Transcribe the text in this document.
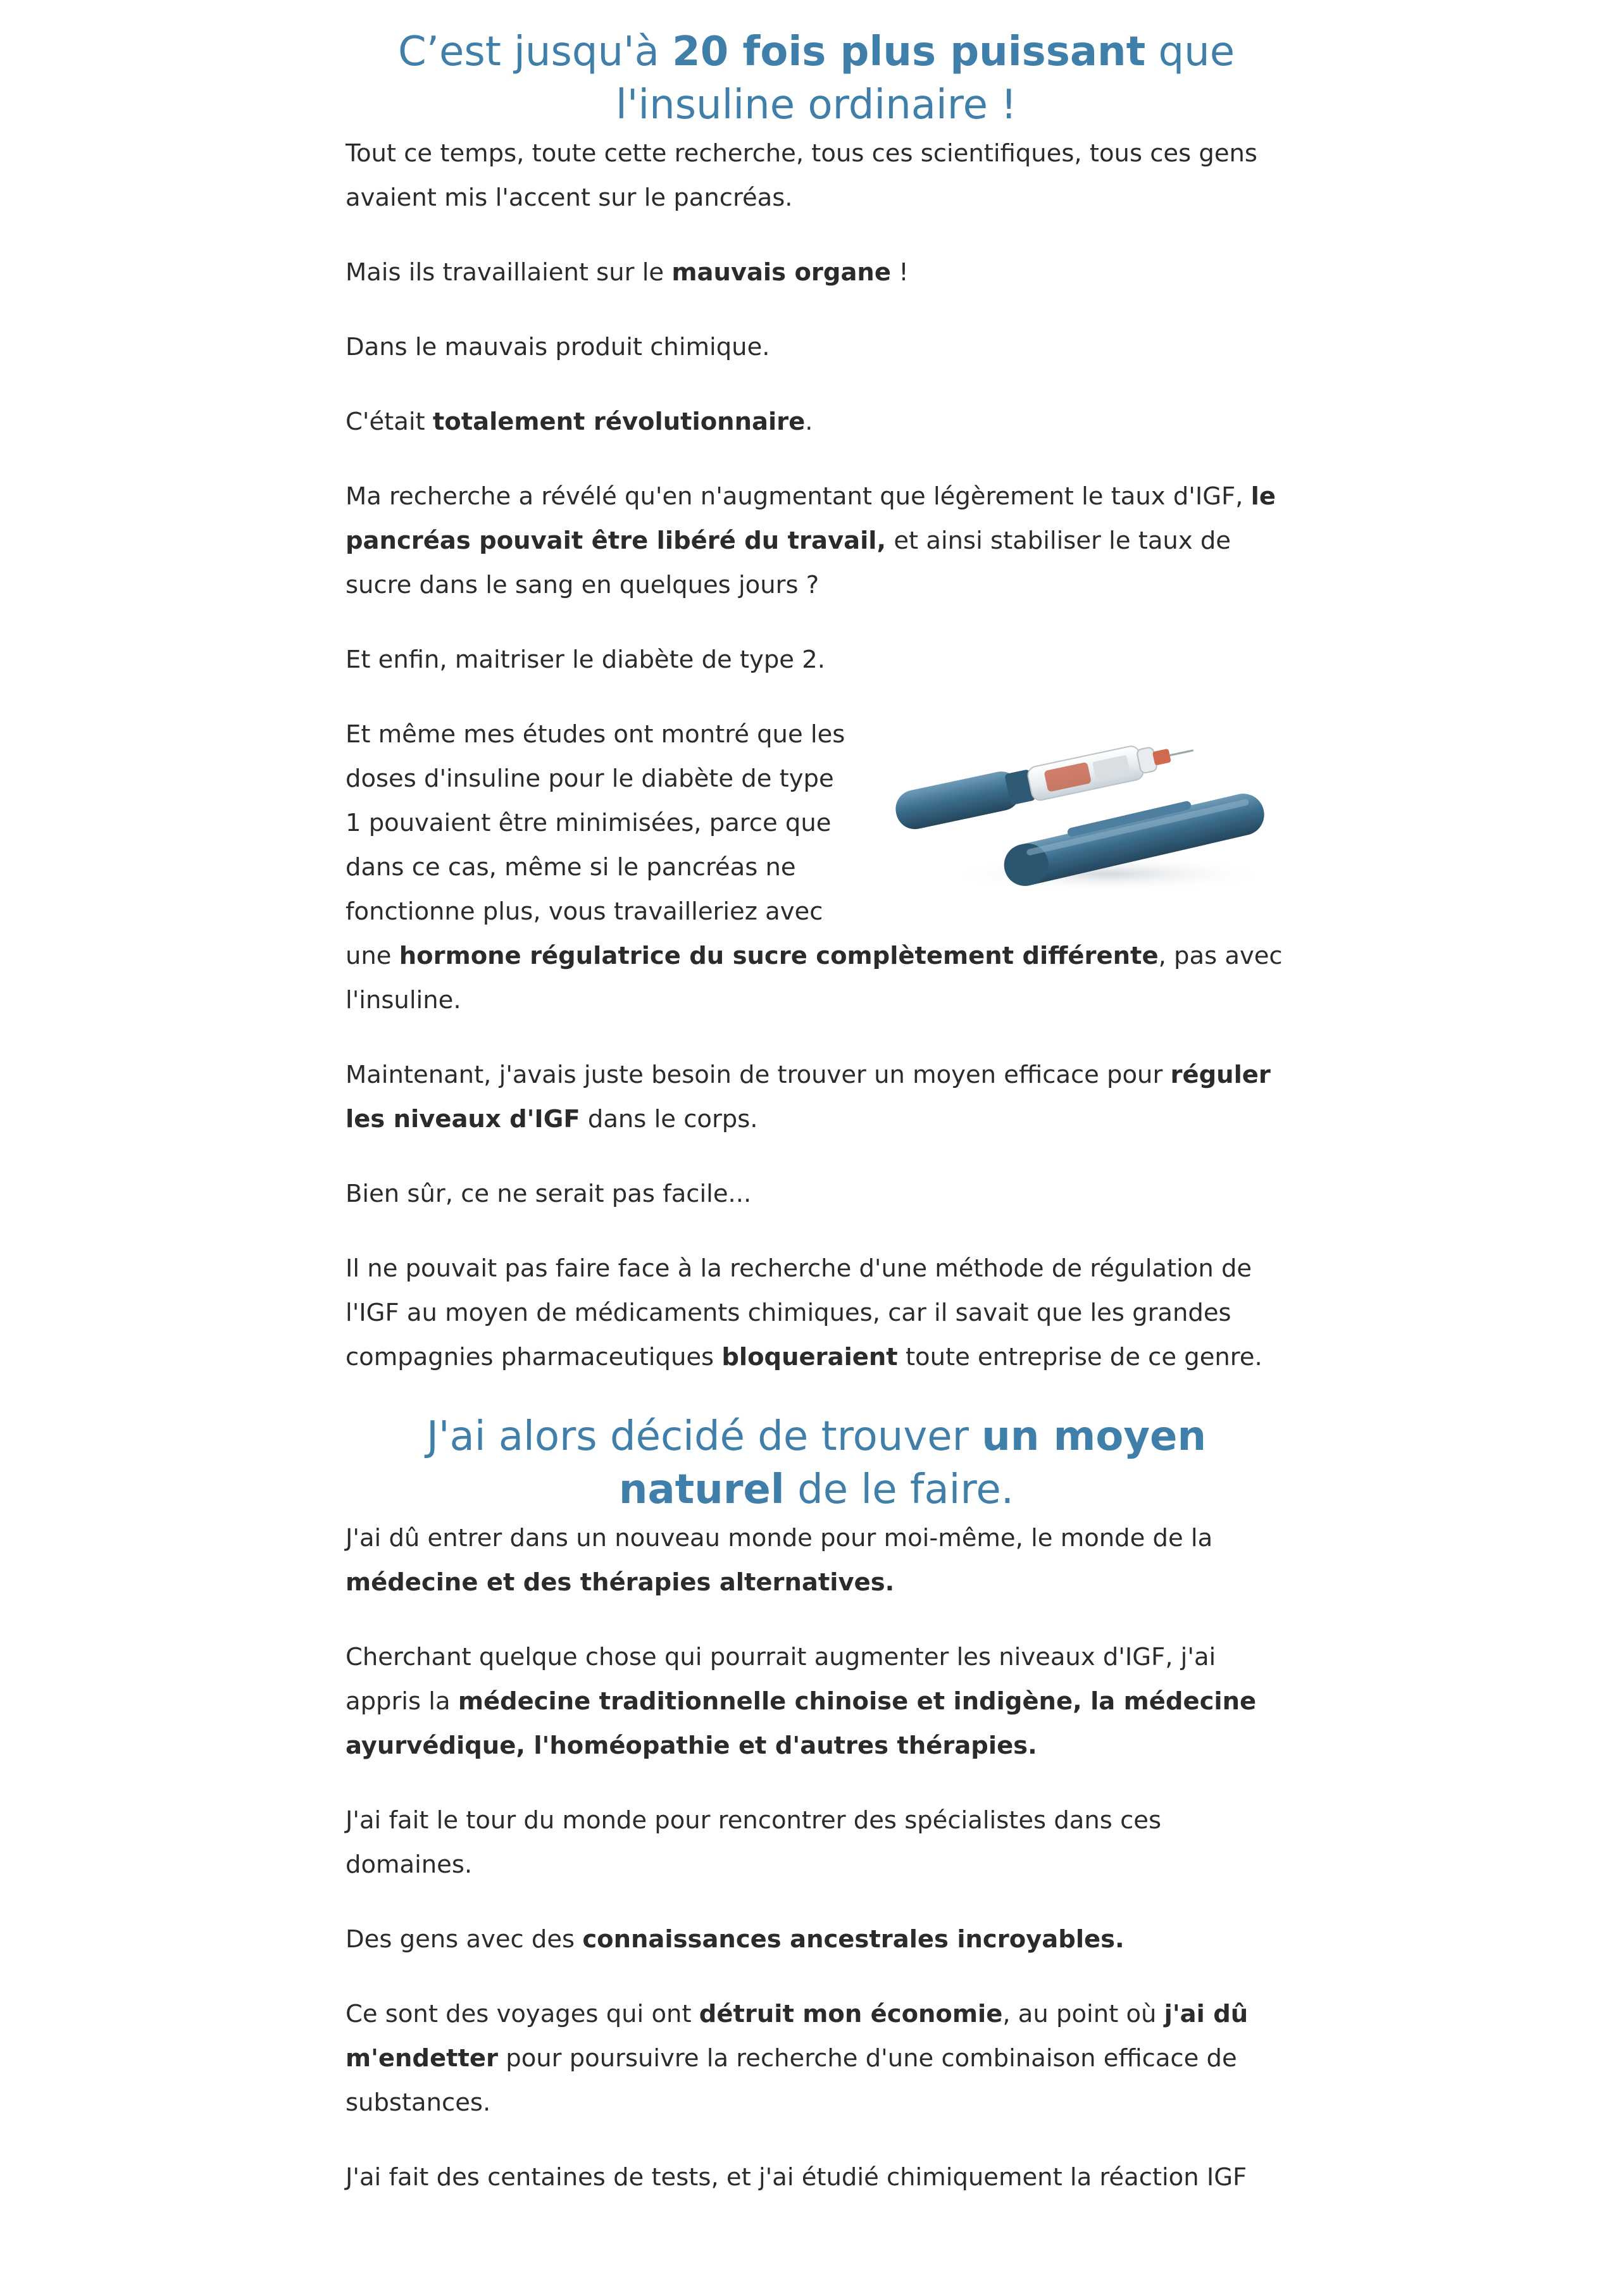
C’est jusqu'à 20 fois plus puissant que
l'insuline ordinaire !

Tout ce temps, toute cette recherche, tous ces scientifiques, tous ces gens avaient mis l'accent sur le pancréas.

Mais ils travaillaient sur le mauvais organe !

Dans le mauvais produit chimique.

C'était totalement révolutionnaire.

Ma recherche a révélé qu'en n'augmentant que légèrement le taux d'IGF, le pancréas pouvait être libéré du travail, et ainsi stabiliser le taux de sucre dans le sang en quelques jours ?

Et enfin, maitriser le diabète de type 2.

Et même mes études ont montré que les doses d'insuline pour le diabète de type 1 pouvaient être minimisées, parce que dans ce cas, même si le pancréas ne fonctionne plus, vous travailleriez avec une hormone régulatrice du sucre complètement différente, pas avec l'insuline.

Maintenant, j'avais juste besoin de trouver un moyen efficace pour réguler les niveaux d'IGF dans le corps.

Bien sûr, ce ne serait pas facile...

Il ne pouvait pas faire face à la recherche d'une méthode de régulation de l'IGF au moyen de médicaments chimiques, car il savait que les grandes compagnies pharmaceutiques bloqueraient toute entreprise de ce genre.

J'ai alors décidé de trouver un moyen
naturel de le faire.

J'ai dû entrer dans un nouveau monde pour moi-même, le monde de la médecine et des thérapies alternatives.

Cherchant quelque chose qui pourrait augmenter les niveaux d'IGF, j'ai appris la médecine traditionnelle chinoise et indigène, la médecine ayurvédique, l'homéopathie et d'autres thérapies.

J'ai fait le tour du monde pour rencontrer des spécialistes dans ces domaines.

Des gens avec des connaissances ancestrales incroyables.

Ce sont des voyages qui ont détruit mon économie, au point où j'ai dû m'endetter pour poursuivre la recherche d'une combinaison efficace de substances.

J'ai fait des centaines de tests, et j'ai étudié chimiquement la réaction IGF
